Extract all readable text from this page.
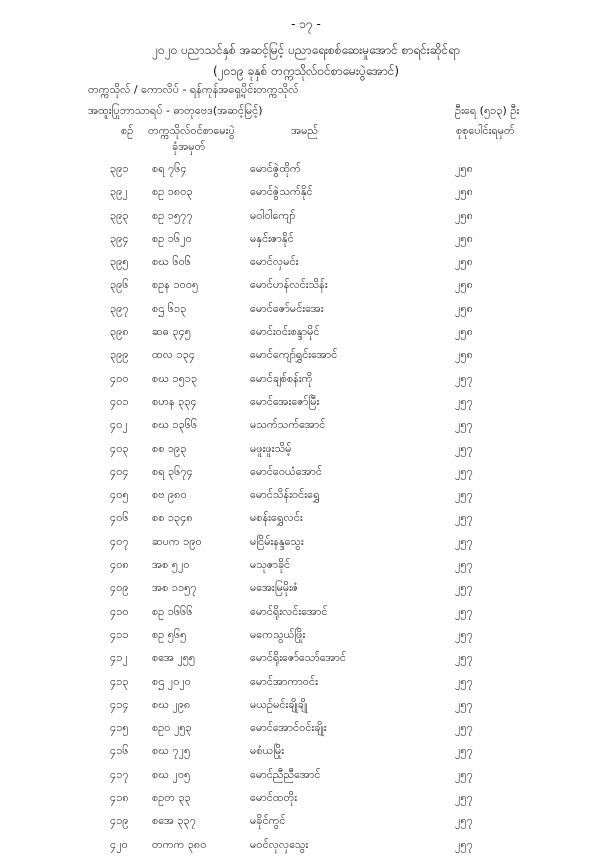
- ၁၇ -
၂၀၂၀ ပညာသင်နှစ် အဆင့်မြင့် ပညာရေးစစ်ဆေးမှုအောင် စာရင်းဆိုင်ရာ
(၂၀၁၉ ခုနှစ် တက္ကသိုလ်ဝင်စာမေးပွဲအောင်)
တက္ကသိုလ် / ကောလိပ် - ရန်ကုန်အရှေ့ပိုင်းတက္ကသိုလ်
အထူးပြုဘာသာရပ် - ဓာတုဗေဒ(အဆင့်မြင့်)	ဦးရေ (၅၁၃) ဦး
စဉ် တက္ကသိုလ်ဝင်စာမေးပွဲ
ခုံအမှတ်
အမည်	စုစုပေါင်းရမှတ်
၃၉၁ စရ ၇၆၄	မောင်ဇွဲထိုက်	၂၅၈
၃၉၂ စဥ ၁၈၀၃	မောင်ဇွဲသက်နိုင်	၂၅၈
၃၉၃ စဥ ၁၅၇၇	မဝါဝါကျော်	၂၅၈
၃၉၄ စဥ ၁၆၂၀	မနှင်းဇာနိုင်	၂၅၈
၃၉၅ စဃ ၆၀၆	မောင်လှမင်း	၂၅၈
၃၉၆ စဥန ၁၀၀၅	မောင်ဟန်လင်းသိန်း	၂၅၈
၃၉၇ စဌ ၆၁၃	မောင်ဇော်မင်းအေး	၂၅၈
၃၉၈ ဆဓ ၃၄၅	မောင်းဝင်းစန္ဒာမိုင်	၂၅၈
၃၉၉ ထလ ၁၃၄	မောင်ကျော်ရွှင်းအောင်	၂၅၈
၄၀၀ စဃ ၁၅၁၃	မောင်ချစ်စန်းကို	၂၅၇
၄၀၁ စဟန ၃၃၄	မောင်အေးဇော်မြီး	၂၅၇
၄၀၂ စဃ ၁၃၆၆	မသက်သက်အောင်	၂၅၇
၄၀၃ စစ ၁၉၃	မဖူးဖူးသိမ့်	၂၅၇
၄၀၄ စရ ၃၆၇၄	မောင်ဝေယံအောင်	၂၅၇
၄၀၅ စဗ ၉၈၀	မောင်သိန်းဝင်းရွှေ	၂၅၇
၄၀၆ စစ ၁၃၄၈	မစန်းရွှေလင်း	၂၅၇
၄၀၇ ဆပက ၁၉၀	မငြိမ်းနန္ဒသွေး	၂၅၇
၄၀၈ အစ ၅၂၀	မသုဇာခိုင်	၂၅၇
၄၀၉ အစ ၁၁၅၇	မအေးမြမိုးဇံ	၂၅၇
၄၁၀ စဥ ၁၆၆၆	မောင်ရိုးလင်းအောင်	၂၅၇
၄၁၁ စဥ ၅၆၅	မကေသွယ်ဖြိုး	၂၅၇
၄၁၂ စအေ ၂၅၅	မောင်ရိုးဇော်သော်အောင်	၂၅၇
၄၁၃ စဌ ၂၀၂၀	မောင်အာကာဝင်း	၂၅၇
၄၁၄ စဃ ၂၉၈	မယဉ်မင်းချိုချို	၂၅၇
၄၁၅ စဥဝ ၂၅၃	မောင်အောင်ဝင်းချိုး	၂၅၇
၄၁၆ စဃ ၇၂၅	မစံယမြိုး	၂၅၇
၄၁၇ စဃ ၂၀၅	မောင်ညီညီအောင်	၂၅၇
၄၁၈ စဥတ ၃၃	မောင်ထတိုး	၂၅၇
၄၁၉ စအေ ၃၃၇	မခိုင်ကွင်	၂၅၇
၄၂၀ တကက ၃၈၀	မဝင်လှလှသွေး	၂၅၇
